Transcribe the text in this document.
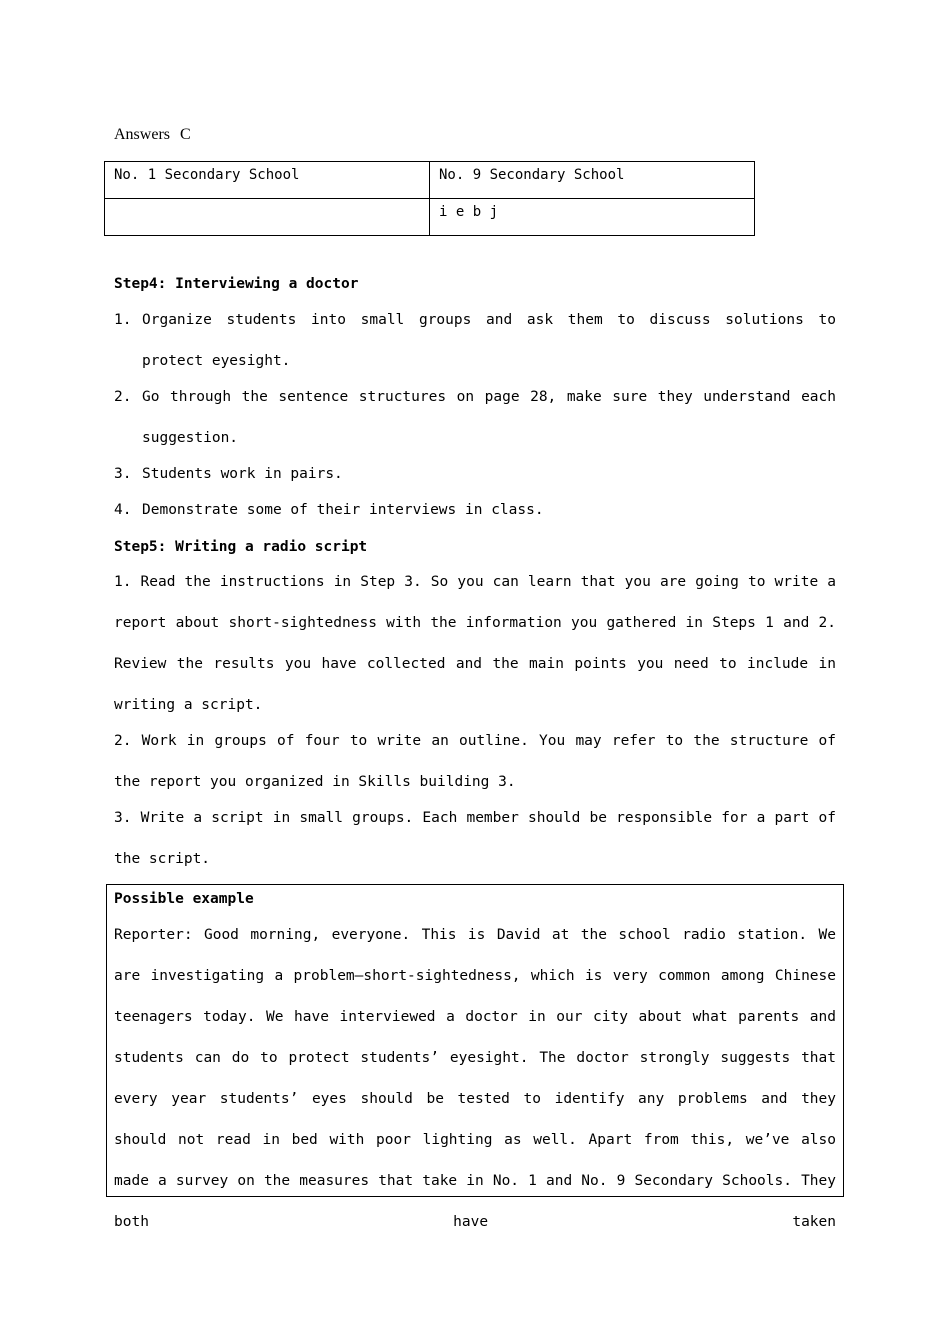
Answers C
No. 1 Secondary School	No. 9 Secondary School
	i e b j
Step4: Interviewing a doctor
1. Organize students into small groups and ask them to discuss solutions to protect eyesight.

2. Go through the sentence structures on page 28, make sure they understand each suggestion.

3. Students work in pairs.

4. Demonstrate some of their interviews in class.

Step5: Writing a radio script

1. Read the instructions in Step 3. So you can learn that you are going to write a report about short-sightedness with the information you gathered in Steps 1 and 2. Review the results you have collected and the main points you need to include in writing a script.

2. Work in groups of four to write an outline. You may refer to the structure of the report you organized in Skills building 3.

3. Write a script in small groups. Each member should be responsible for a part of the script.

Possible example

Reporter: Good morning, everyone. This is David at the school radio station. We are investigating a problem—short-sightedness, which is very common among Chinese teenagers today. We have interviewed a doctor in our city about what parents and students can do to protect students’ eyesight. The doctor strongly suggests that every year students’ eyes should be tested to identify any problems and they should not read in bed with poor lighting as well. Apart from this, we’ve also made a survey on the measures that take in No. 1 and No. 9 Secondary Schools. They both have taken
